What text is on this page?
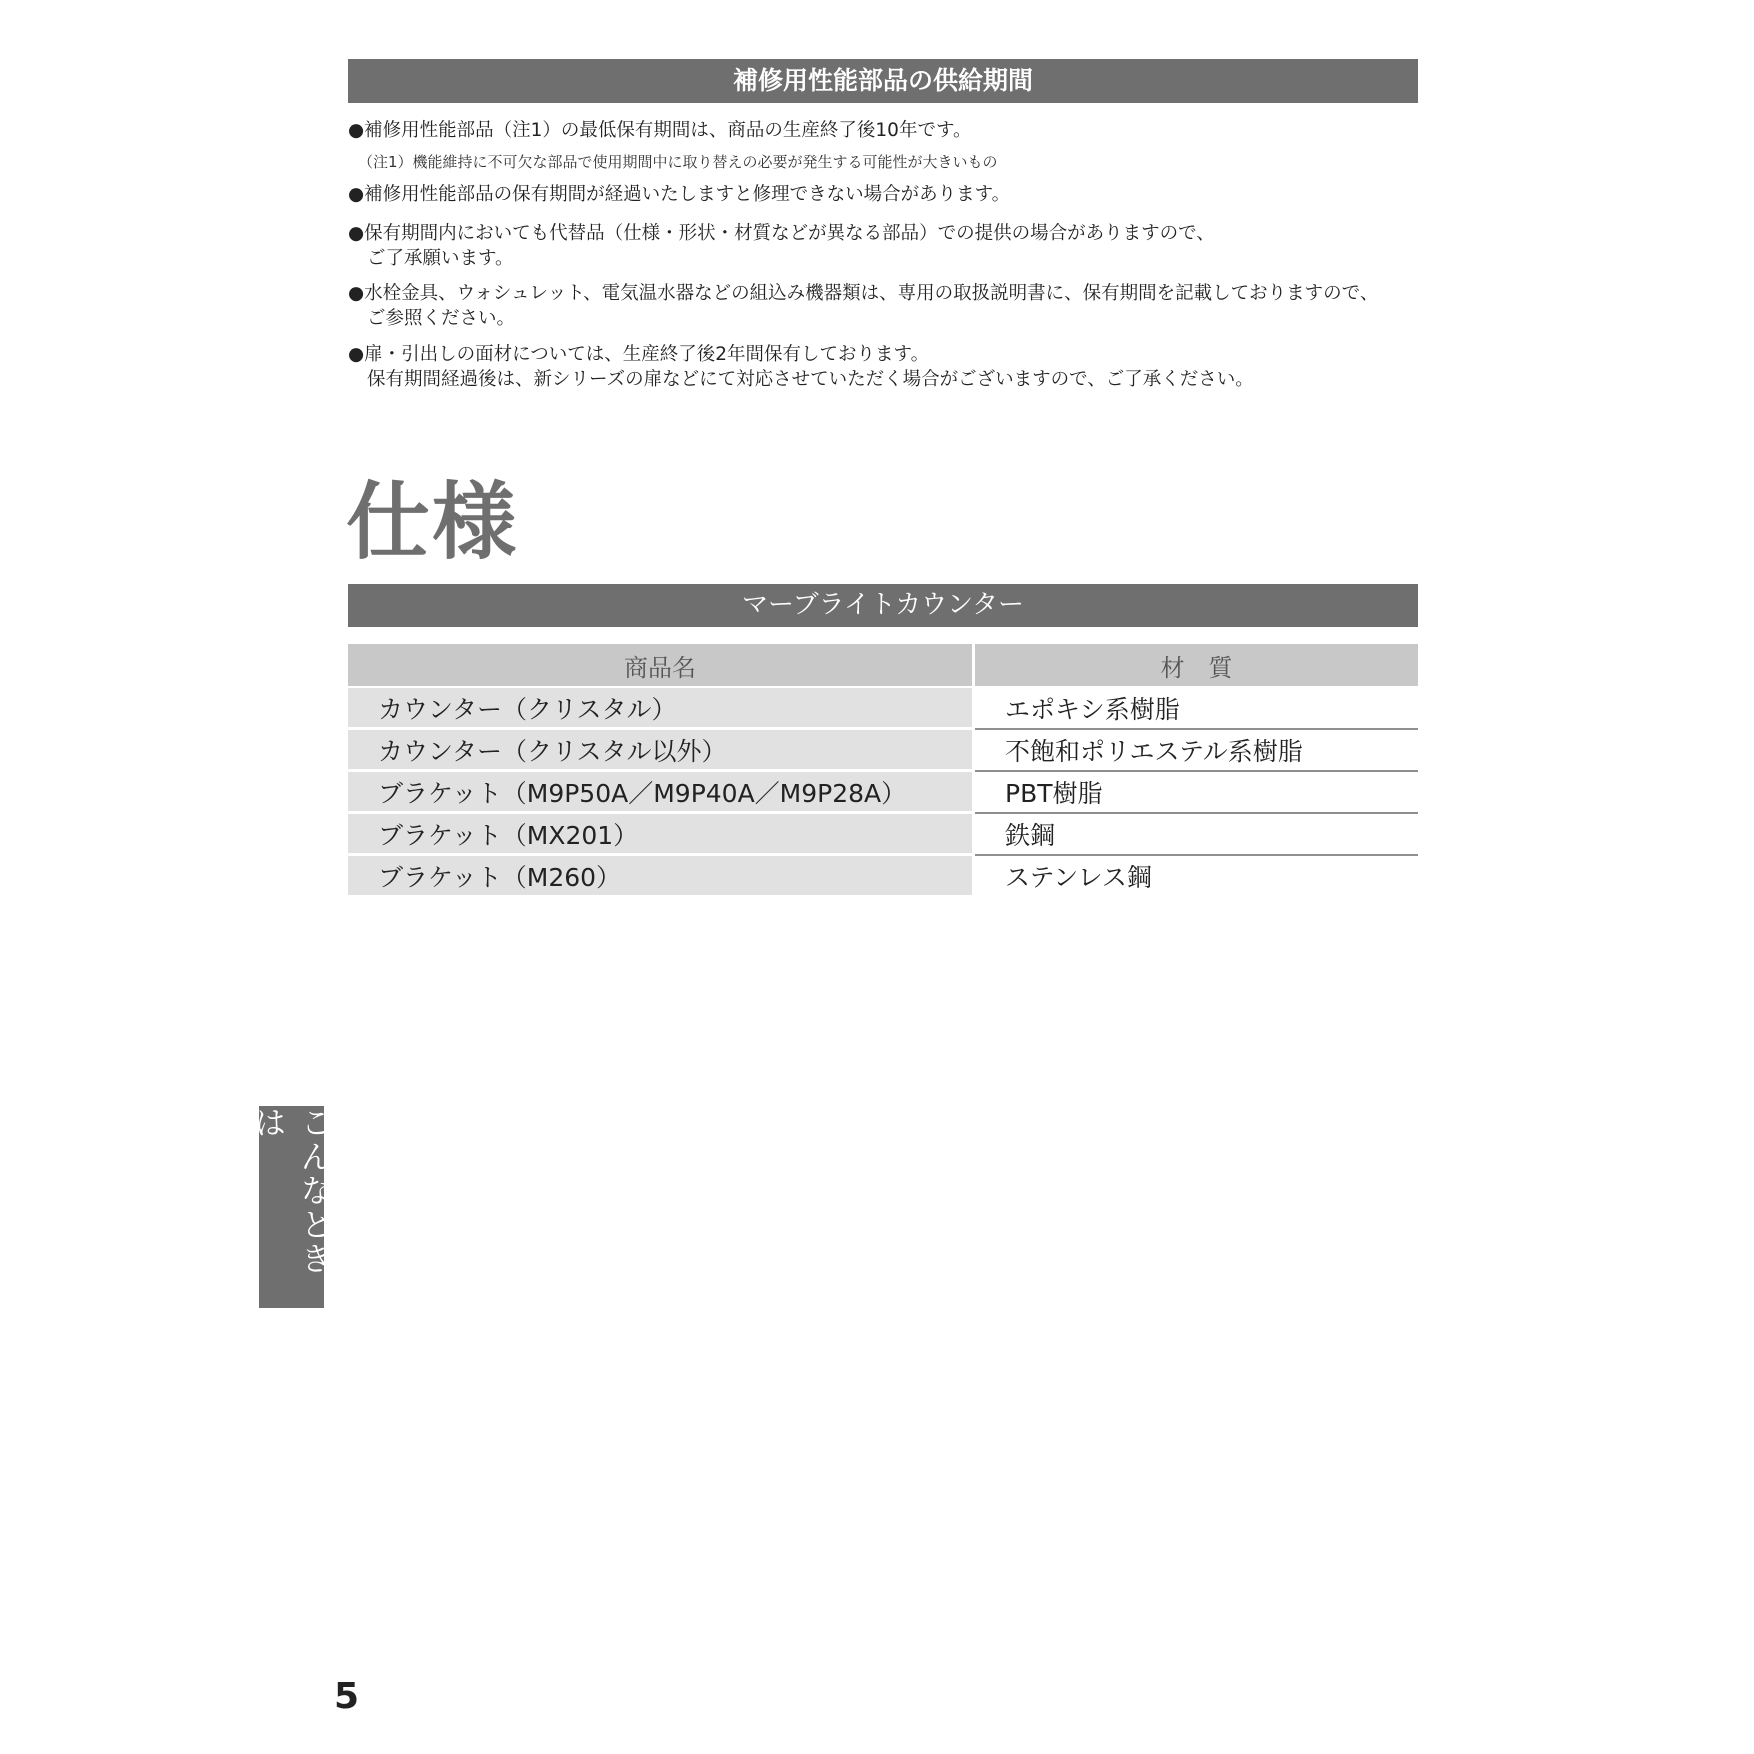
補修用性能部品の供給期間
●補修用性能部品（注1）の最低保有期間は、商品の生産終了後10年です。
（注1）機能維持に不可欠な部品で使用期間中に取り替えの必要が発生する可能性が大きいもの
●補修用性能部品の保有期間が経過いたしますと修理できない場合があります。
●保有期間内においても代替品（仕様・形状・材質などが異なる部品）での提供の場合がありますので、
ご了承願います。
●水栓金具、ウォシュレット、電気温水器などの組込み機器類は、専用の取扱説明書に、保有期間を記載しておりますので、
ご参照ください。
●扉・引出しの面材については、生産終了後2年間保有しております。
保有期間経過後は、新シリーズの扉などにて対応させていただく場合がございますので、ご了承ください。
仕様
マーブライトカウンター
商品名	材　質
カウンター（クリスタル）	エポキシ系樹脂
カウンター（クリスタル以外）	不飽和ポリエステル系樹脂
ブラケット（M9P50A／M9P40A／M9P28A）	PBT樹脂
ブラケット（MX201）	鉄鋼
ブラケット（M260）	ステンレス鋼
こんなときは
5
